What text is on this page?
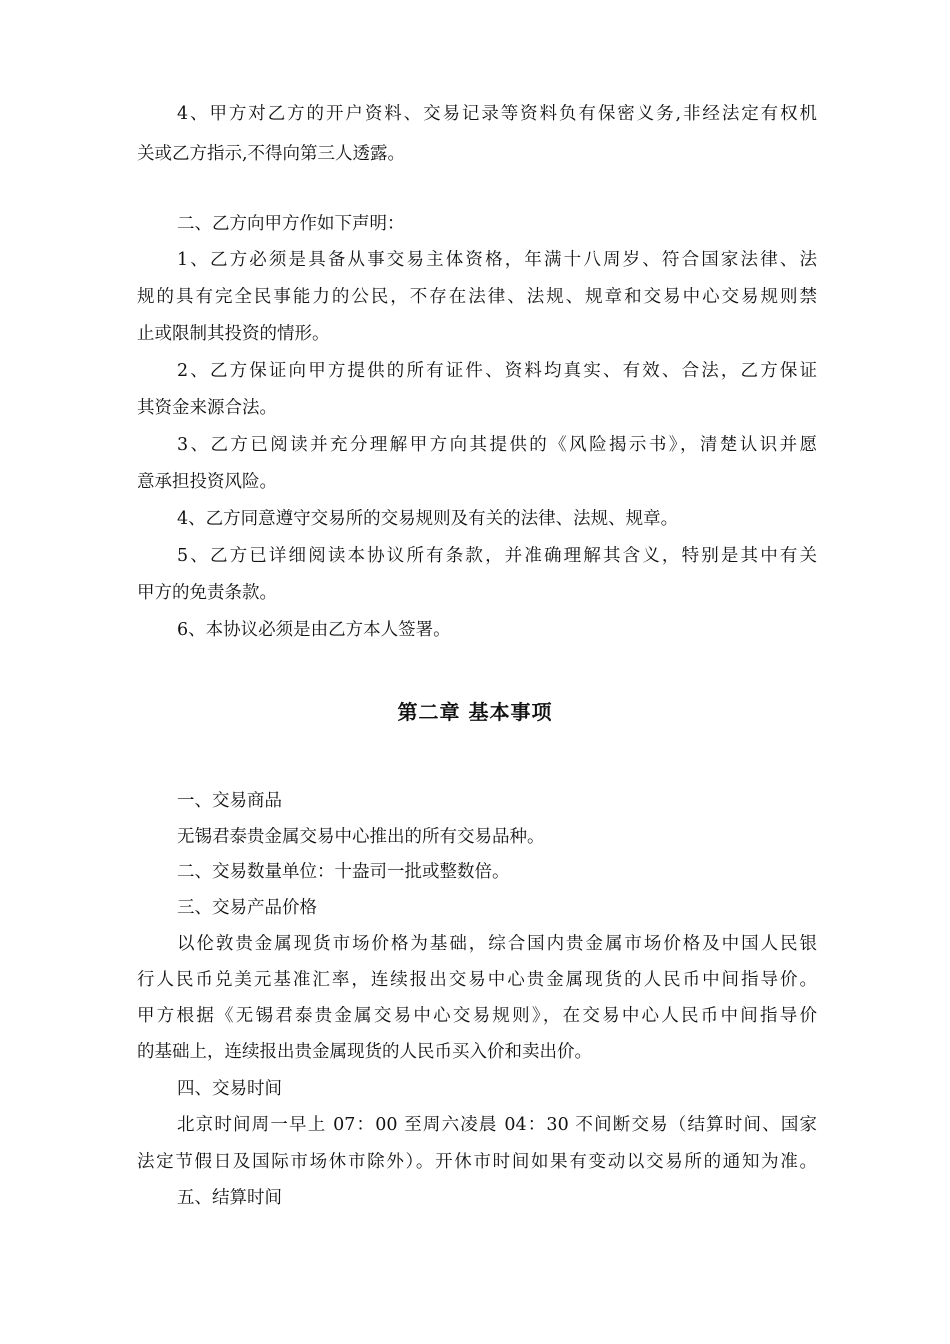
4、甲方对乙方的开户资料、交易记录等资料负有保密义务,非经法定有权机
关或乙方指示,不得向第三人透露。
二、乙方向甲方作如下声明：
1、乙方必须是具备从事交易主体资格，年满十八周岁、符合国家法律、法
规的具有完全民事能力的公民，不存在法律、法规、规章和交易中心交易规则禁
止或限制其投资的情形。
2、乙方保证向甲方提供的所有证件、资料均真实、有效、合法，乙方保证
其资金来源合法。
3、乙方已阅读并充分理解甲方向其提供的《风险揭示书》，清楚认识并愿
意承担投资风险。
4、乙方同意遵守交易所的交易规则及有关的法律、法规、规章。
5、乙方已详细阅读本协议所有条款，并准确理解其含义，特别是其中有关
甲方的免责条款。
6、本协议必须是由乙方本人签署。
第二章 基本事项
一、交易商品
无锡君泰贵金属交易中心推出的所有交易品种。
二、交易数量单位：十盎司一批或整数倍。
三、交易产品价格
以伦敦贵金属现货市场价格为基础，综合国内贵金属市场价格及中国人民银
行人民币兑美元基准汇率，连续报出交易中心贵金属现货的人民币中间指导价。
甲方根据《无锡君泰贵金属交易中心交易规则》，在交易中心人民币中间指导价
的基础上，连续报出贵金属现货的人民币买入价和卖出价。
四、交易时间
北京时间周一早上 07：00 至周六凌晨 04：30 不间断交易（结算时间、国家
法定节假日及国际市场休市除外）。开休市时间如果有变动以交易所的通知为准。
五、结算时间
